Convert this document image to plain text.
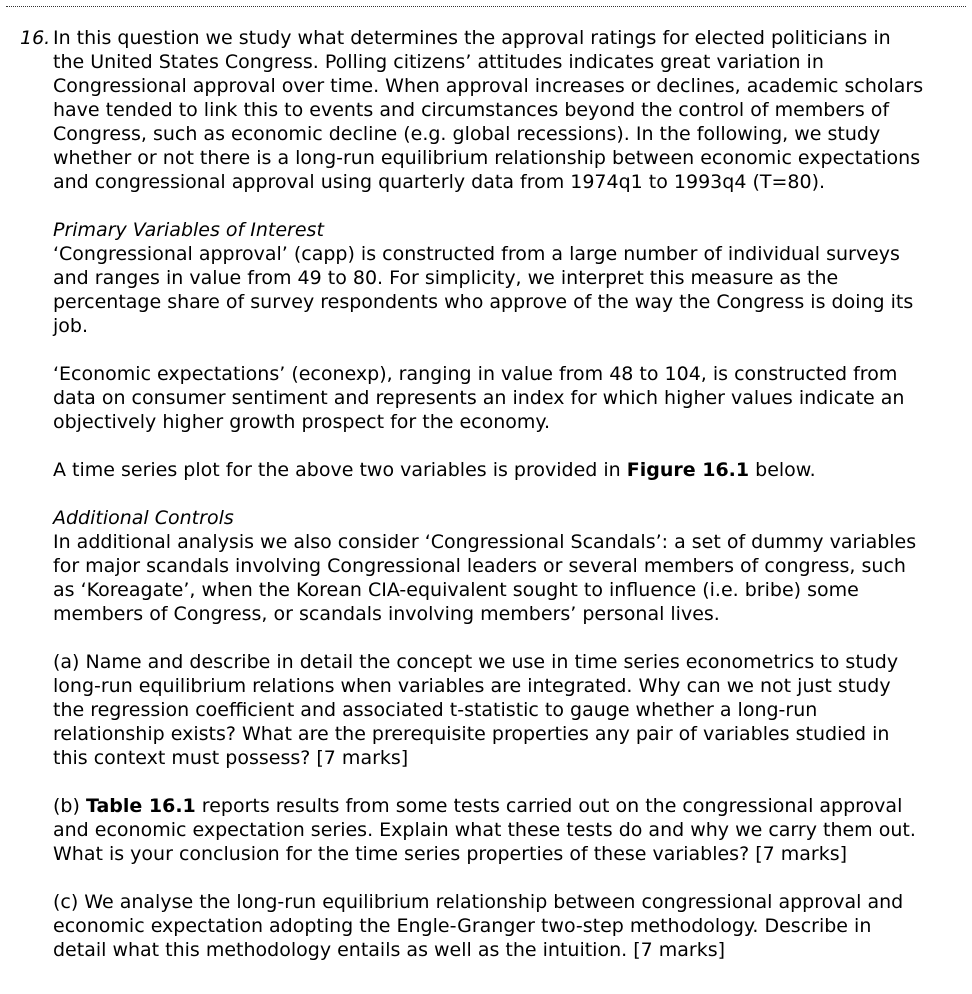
16. In this question we study what determines the approval ratings for elected politicians in
the United States Congress. Polling citizens’ attitudes indicates great variation in
Congressional approval over time. When approval increases or declines, academic scholars
have tended to link this to events and circumstances beyond the control of members of
Congress, such as economic decline (e.g. global recessions). In the following, we study
whether or not there is a long-run equilibrium relationship between economic expectations
and congressional approval using quarterly data from 1974q1 to 1993q4 (T=80).

Primary Variables of Interest

‘Congressional approval’ (capp) is constructed from a large number of individual surveys
and ranges in value from 49 to 80. For simplicity, we interpret this measure as the
percentage share of survey respondents who approve of the way the Congress is doing its
job.

‘Economic expectations’ (econexp), ranging in value from 48 to 104, is constructed from
data on consumer sentiment and represents an index for which higher values indicate an
objectively higher growth prospect for the economy.

A time series plot for the above two variables is provided in Figure 16.1 below.

Additional Controls

In additional analysis we also consider ‘Congressional Scandals’: a set of dummy variables
for major scandals involving Congressional leaders or several members of congress, such
as ‘Koreagate’, when the Korean CIA-equivalent sought to influence (i.e. bribe) some
members of Congress, or scandals involving members’ personal lives.

(a) Name and describe in detail the concept we use in time series econometrics to study
long-run equilibrium relations when variables are integrated. Why can we not just study
the regression coefficient and associated t-statistic to gauge whether a long-run
relationship exists? What are the prerequisite properties any pair of variables studied in
this context must possess? [7 marks]

(b) Table 16.1 reports results from some tests carried out on the congressional approval
and economic expectation series. Explain what these tests do and why we carry them out.
What is your conclusion for the time series properties of these variables? [7 marks]

(c) We analyse the long-run equilibrium relationship between congressional approval and
economic expectation adopting the Engle-Granger two-step methodology. Describe in
detail what this methodology entails as well as the intuition. [7 marks]
